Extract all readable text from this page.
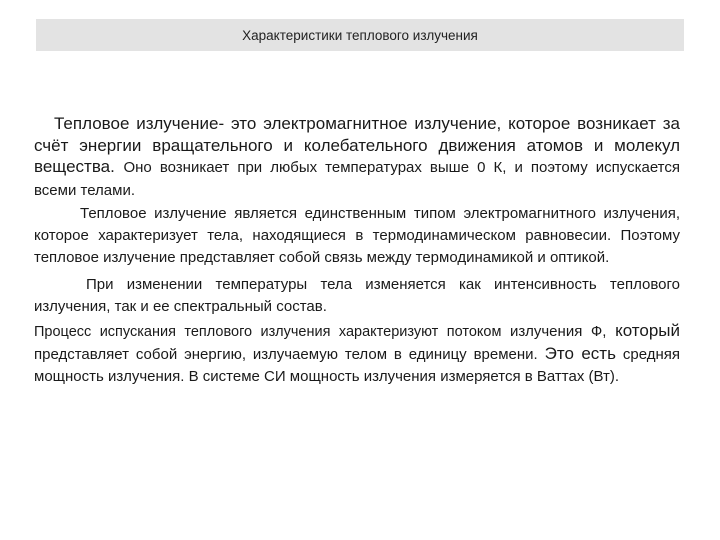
Характеристики теплового излучения

Тепловое излучение- это электромагнитное излучение, которое возникает за счёт энергии вращательного и колебательного движения атомов и молекул вещества. Оно возникает при любых температурах выше 0 К, и поэтому испускается всеми телами.

Тепловое излучение является единственным типом электромагнитного излучения, которое характеризует тела, находящиеся в термодинамическом равновесии. Поэтому тепловое излучение представляет собой связь между термодинамикой и оптикой.

При изменении температуры тела изменяется как интенсивность теплового излучения, так и ее спектральный состав.

Процесс испускания теплового излучения характеризуют потоком излучения Ф, который представляет собой энергию, излучаемую телом в единицу времени. Это есть средняя мощность излучения. В системе СИ мощность излучения измеряется в Ваттах (Вт).
